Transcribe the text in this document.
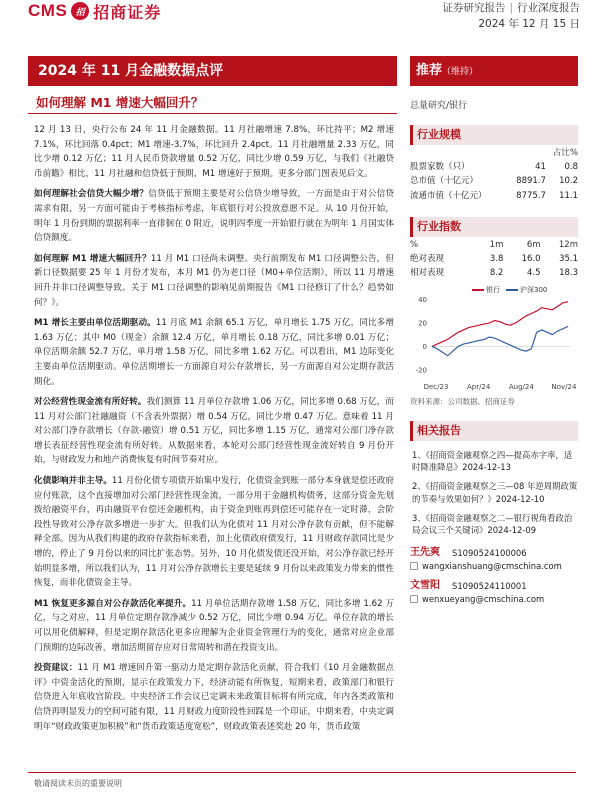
CMS 招 招商证券	证券研究报告 | 行业深度报告
2024 年 12 月 15 日
2024 年 11 月金融数据点评
如何理解 M1 增速大幅回升？

12 月 13 日，央行公布 24 年 11 月金融数据。11 月社融增速 7.8%，环比持平；M2 增速 7.1%，环比回落 0.4pct；M1 增速-3.7%，环比回升 2.4pct。11 月社融增量 2.33 万亿，同比少增 0.12 万亿；11 月人民币贷款增量 0.52 万亿，同比少增 0.59 万亿，与我们《社融贷币前瞻》相比，11 月社融和信贷低于预期，M1 增速好于预期。更多分部门图表见后文。

如何理解社会信贷大幅少增？信贷低于预期主要是对公信贷少增导致，一方面是由于对公信贷需求有限，另一方面可能由于考核指标考虑，年底银行对公投放意愿不足。从 10 月份开始，明年 1 月份到期的票据利率一直徘徊在 0 附近，说明四季度一开始银行就在为明年 1 月国实体信贷额度。

如何理解 M1 增速大幅回升？11 月 M1 口径尚未调整。央行前期发布 M1 口径调整公告，但新口径数据要 25 年 1 月份才发布，本月 M1 仍为老口径（M0+单位活期），所以 11 月增速回升并非口径调整导致。关于 M1 口径调整的影响见前期报告《M1 口径修订了什么？趋势如何？》。

M1 增长主要由单位活期驱动。11 月底 M1 余额 65.1 万亿，单月增长 1.75 万亿，同比多增 1.63 万亿；其中 M0（现金）余额 12.4 万亿，单月增长 0.18 万亿，同比多增 0.01 万亿；单位活期余额 52.7 万亿，单月增 1.58 万亿，同比多增 1.62 万亿。可以看出，M1 边际变化主要由单位活期驱动。单位活期增长一方面源自对公存款增长，另一方面源自对公定期存款活期化。

对公经营性现金流有所好转。我们测算 11 月单位存款增 1.06 万亿，同比多增 0.68 万亿，而 11 月对公部门社融融资（不含表外票据）增 0.54 万亿，同比少增 0.47 万亿。意味着 11 月对公部门净存款增长（存款-融资）增 0.51 万亿，同比多增 1.15 万亿，通常对公部门净存款增长表征经营性现金流有所好转。从数据来看，本轮对公部门经营性现金流好转自 9 月份开始，与财政发力和地产消费恢复有时间节奏对应。

化债影响并非主导。11 月份化债专项债开始集中发行，化债资金到账一部分本身就是偿还政府应付账款，这个直接增加对公部门经营性现金流，一部分用于金融机构债务，这部分资金先划拨给融资平台，再由融资平台偿还金融机构，由于资金到账再到偿还可能存在一定时滞，会阶段性导致对公净存款多增进一步扩大。但我们认为化债对 11 月对公净存款有贡献，但不能解释全部。因为从我们构建的政府存款指标来看，加上化债政府债发行，11 月财政存款同比是少增的，停止了 9 月份以来的同比扩张态势。另外，10 月化债发债还没开始，对公净存款已经开始明显多增，所以我们认为，11 月对公净存款增长主要是延续 9 月份以来政策发力带来的惯性恢复，而非化债资金主导。

M1 恢复更多源自对公存款活化率提升。11 月单位活期存款增 1.58 万亿，同比多增 1.62 万亿，与之对应，11 月单位定期存款净减少 0.52 万亿，同比少增 0.94 万亿。单位存款的增长可以用化债解释，但是定期存款活化更多应理解为企业资金管理行为的变化，通常对应企业部门预期的边际改善，增加活期留存应对日常周转和潜在投资支出。

投资建议：11 月 M1 增速回升第一驱动力是定期存款活化贡献，符合我们《10 月金融数据点评》中资金活化的预期，显示在政策发力下，经济动能有所恢复，短期来看，政策部门和银行信贷进入年底收官阶段。中央经济工作会议已定调未来政策目标将有所完成，年内各类政策和信贷再明显发力的空间可能有限，11 月财政力度阶段性回踩是一个印证，中期来看，中央定调明年“财政政策更加积极”和“货币政策适度宽松”，财政政策表述奖赴 20 年，货币政策

推荐（维持）
总量研究/银行
行业规模
		占比%
股票家数（只）	41	0.8
总市值（十亿元）	8891.7	10.2
流通市值（十亿元）	8775.7	11.1
行业指数
%	1m	6m	12m
绝对表现	3.8	16.0	35.1
相对表现	8.2	4.5	18.3
银行	沪深300
40
20
0
-20
Dec/23	Apr/24	Aug/24	Nov/24
资料来源：公司数据、招商证券
相关报告
1、《招商资金融观察之四—提高赤字率，适时降准降息》2024-12-13
2、《招商资金融观察之三—08 年逆周期政策的节奏与效果如何？》2024-12-10
3、《招商资金融观察之二—银行视角看政治局会议三个关键词》2024-12-09
王先爽 S1090524100006
wangxianshuang@cmschina.com
文雪阳 S1090524110001
wenxueyang@cmschina.com
敬请阅读末页的重要说明
